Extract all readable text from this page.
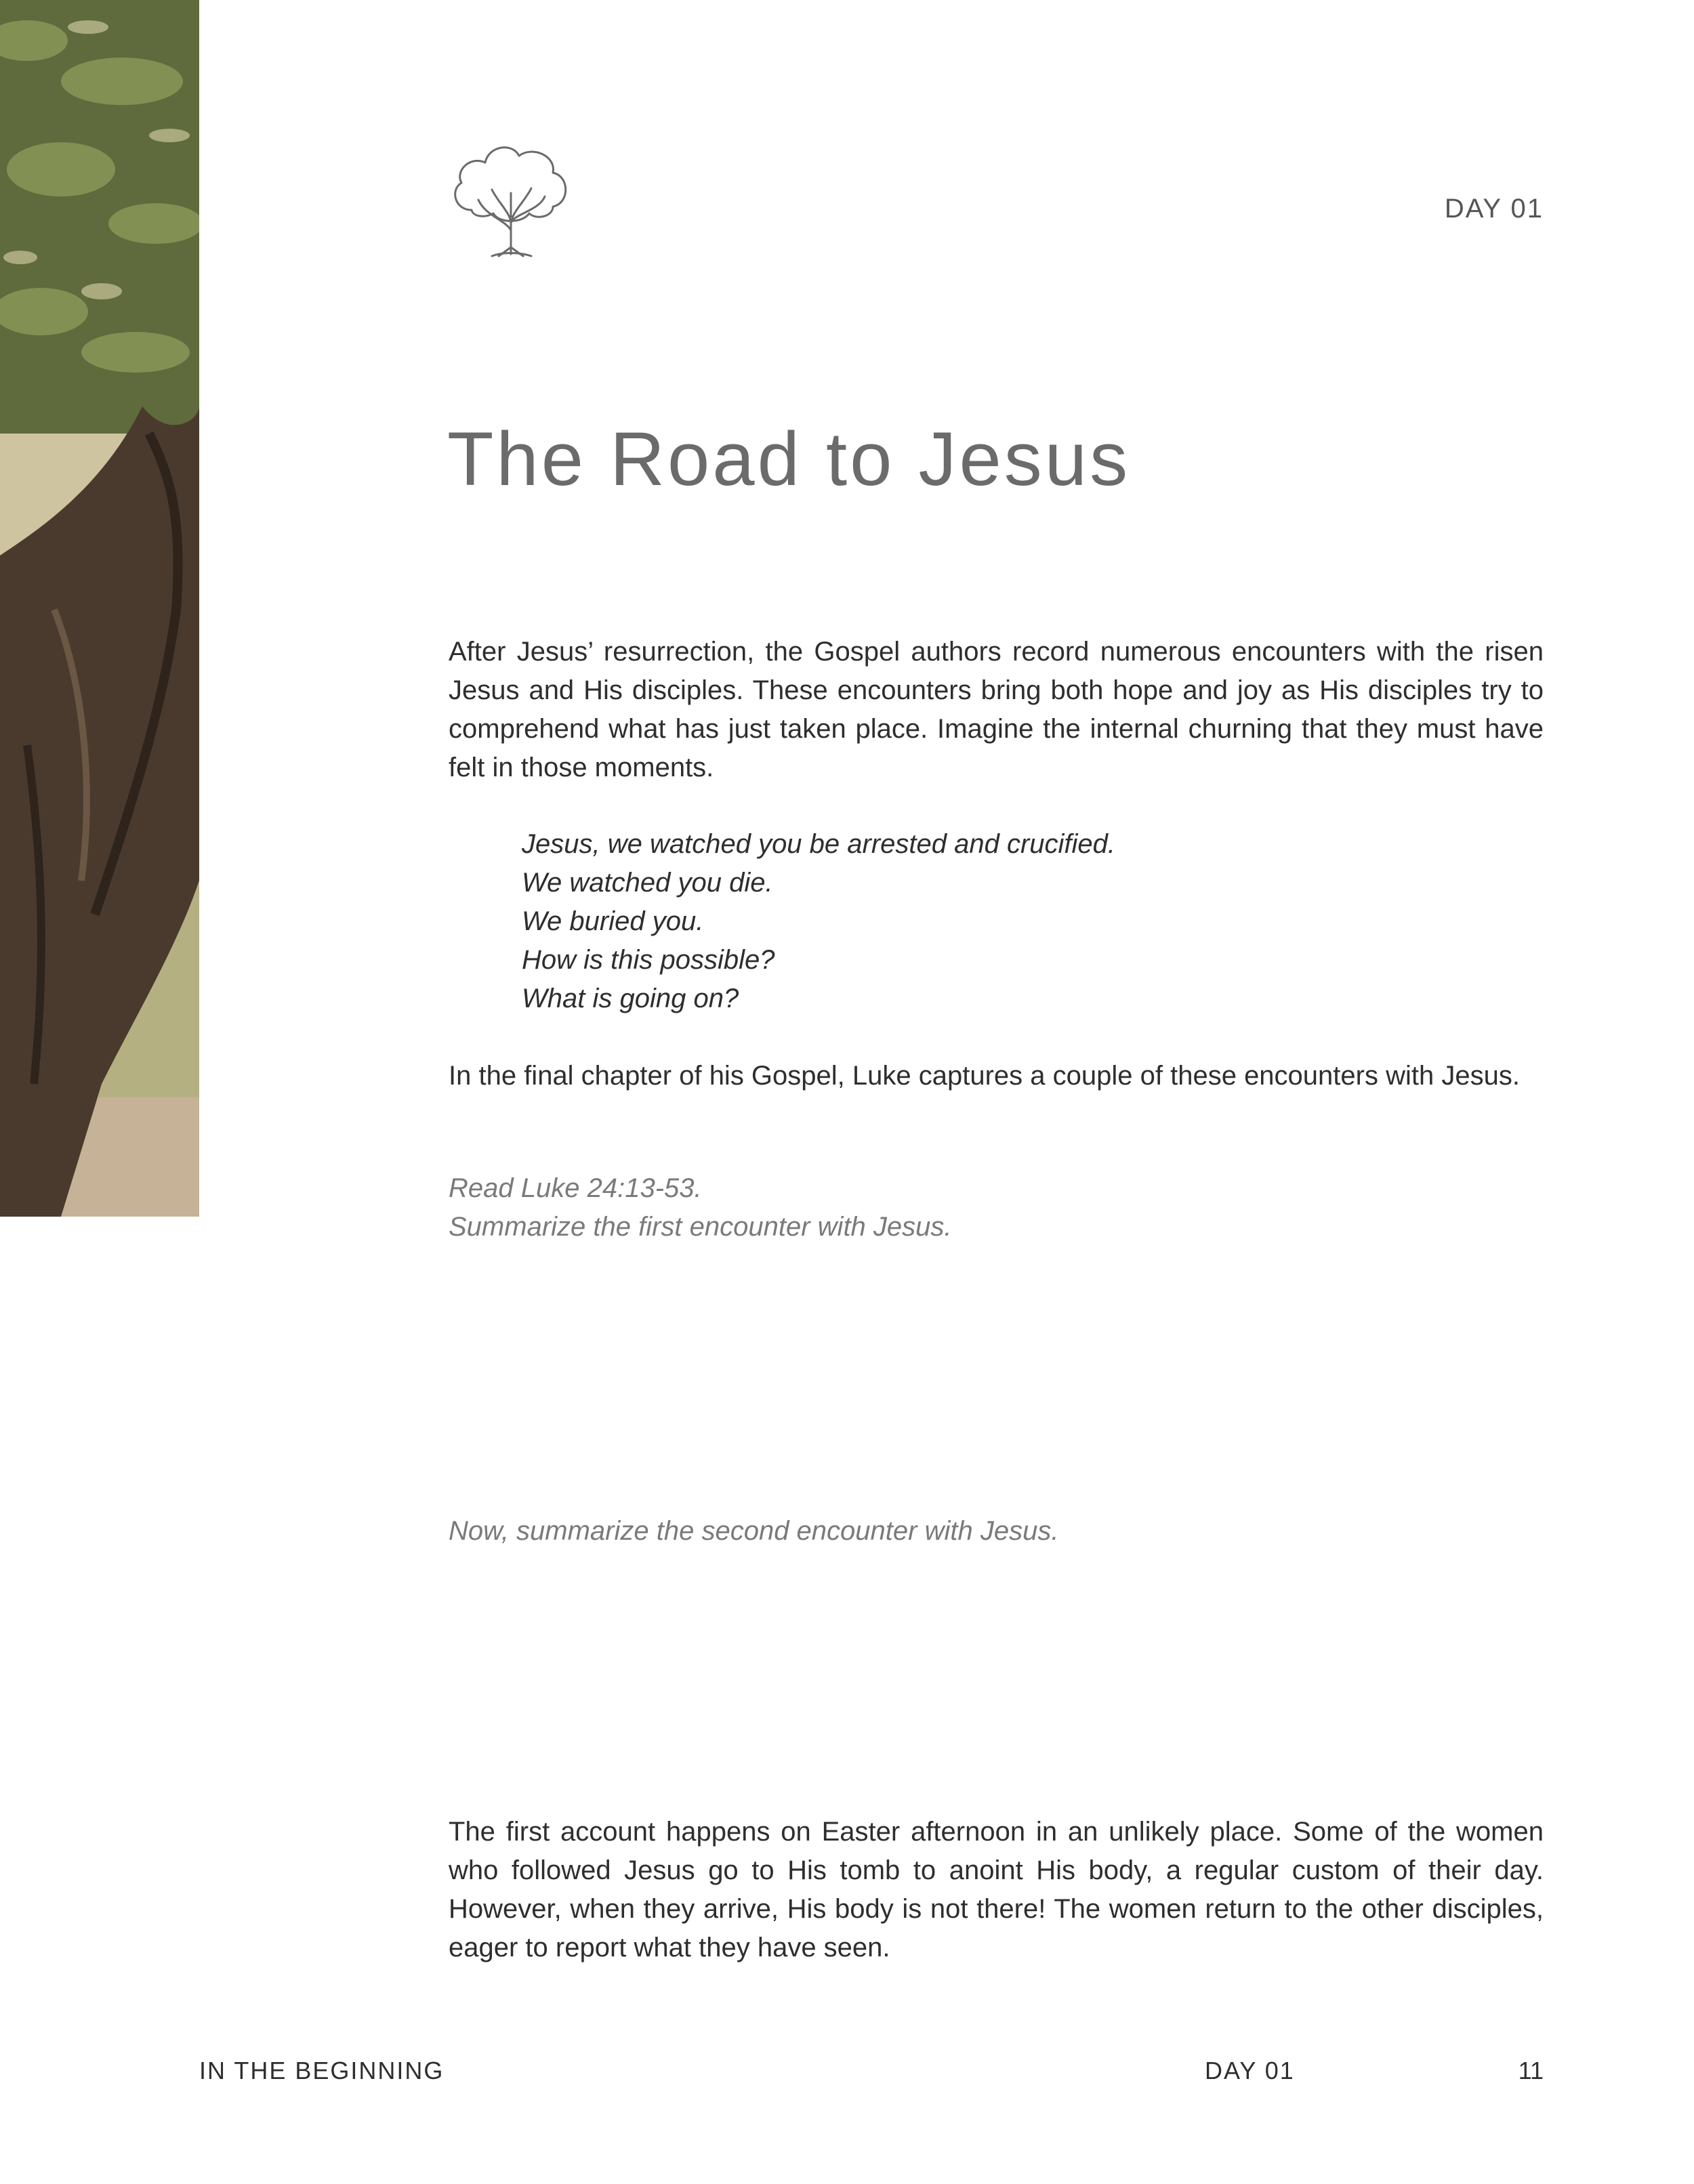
DAY 01
The Road to Jesus

After Jesus’ resurrection, the Gospel authors record numerous encounters with the risen Jesus and His disciples. These encounters bring both hope and joy as His disciples try to comprehend what has just taken place. Imagine the internal churning that they must have felt in those moments.

Jesus, we watched you be arrested and crucified.
We watched you die.
We buried you.
How is this possible?
What is going on?

In the final chapter of his Gospel, Luke captures a couple of these encounters with Jesus.

Read Luke 24:13-53.
Summarize the first encounter with Jesus.
Now, summarize the second encounter with Jesus.

The first account happens on Easter afternoon in an unlikely place. Some of the women who followed Jesus go to His tomb to anoint His body, a regular custom of their day. However, when they arrive, His body is not there! The women return to the other disciples, eager to report what they have seen.

IN THE BEGINNING	DAY 01	11
